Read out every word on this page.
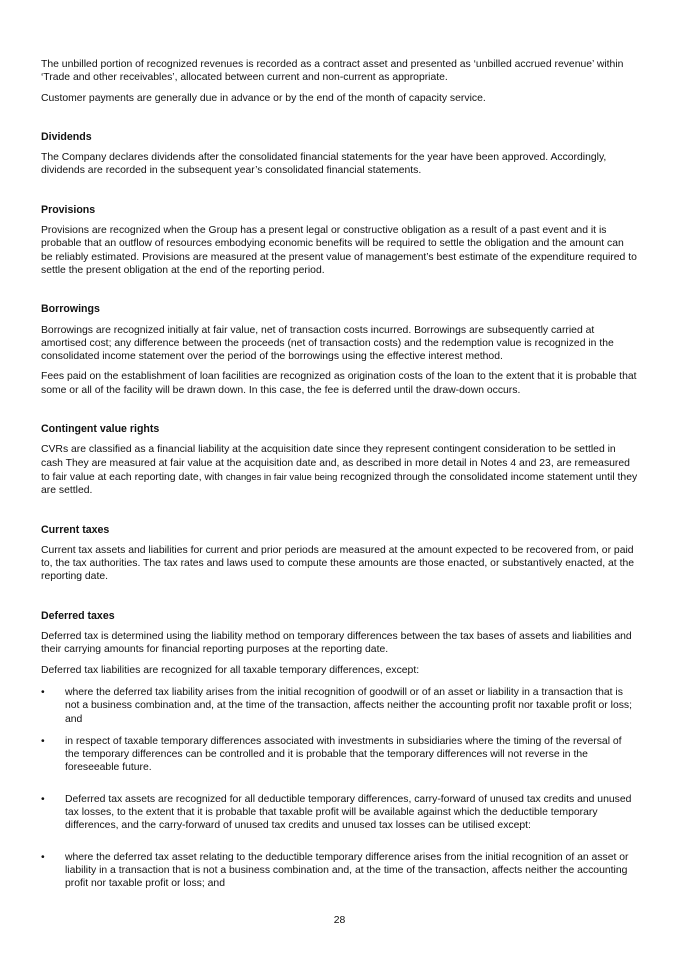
The unbilled portion of recognized revenues is recorded as a contract asset and presented as ‘unbilled accrued revenue’ within ‘Trade and other receivables’, allocated between current and non-current as appropriate.

Customer payments are generally due in advance or by the end of the month of capacity service.

Dividends

The Company declares dividends after the consolidated financial statements for the year have been approved. Accordingly, dividends are recorded in the subsequent year’s consolidated financial statements.

Provisions

Provisions are recognized when the Group has a present legal or constructive obligation as a result of a past event and it is probable that an outflow of resources embodying economic benefits will be required to settle the obligation and the amount can be reliably estimated. Provisions are measured at the present value of management’s best estimate of the expenditure required to settle the present obligation at the end of the reporting period.

Borrowings

Borrowings are recognized initially at fair value, net of transaction costs incurred. Borrowings are subsequently carried at amortised cost; any difference between the proceeds (net of transaction costs) and the redemption value is recognized in the consolidated income statement over the period of the borrowings using the effective interest method.

Fees paid on the establishment of loan facilities are recognized as origination costs of the loan to the extent that it is probable that some or all of the facility will be drawn down. In this case, the fee is deferred until the draw-down occurs.

Contingent value rights

CVRs are classified as a financial liability at the acquisition date since they represent contingent consideration to be settled in cash They are measured at fair value at the acquisition date and, as described in more detail in Notes 4 and 23, are remeasured to fair value at each reporting date, with changes in fair value being recognized through the consolidated income statement until they are settled.

Current taxes

Current tax assets and liabilities for current and prior periods are measured at the amount expected to be recovered from, or paid to, the tax authorities. The tax rates and laws used to compute these amounts are those enacted, or substantively enacted, at the reporting date.

Deferred taxes

Deferred tax is determined using the liability method on temporary differences between the tax bases of assets and liabilities and their carrying amounts for financial reporting purposes at the reporting date.

Deferred tax liabilities are recognized for all taxable temporary differences, except:

• where the deferred tax liability arises from the initial recognition of goodwill or of an asset or liability in a transaction that is not a business combination and, at the time of the transaction, affects neither the accounting profit nor taxable profit or loss; and

• in respect of taxable temporary differences associated with investments in subsidiaries where the timing of the reversal of the temporary differences can be controlled and it is probable that the temporary differences will not reverse in the foreseeable future.

• Deferred tax assets are recognized for all deductible temporary differences, carry-forward of unused tax credits and unused tax losses, to the extent that it is probable that taxable profit will be available against which the deductible temporary differences, and the carry-forward of unused tax credits and unused tax losses can be utilised except:

• where the deferred tax asset relating to the deductible temporary difference arises from the initial recognition of an asset or liability in a transaction that is not a business combination and, at the time of the transaction, affects neither the accounting profit nor taxable profit or loss; and

28
